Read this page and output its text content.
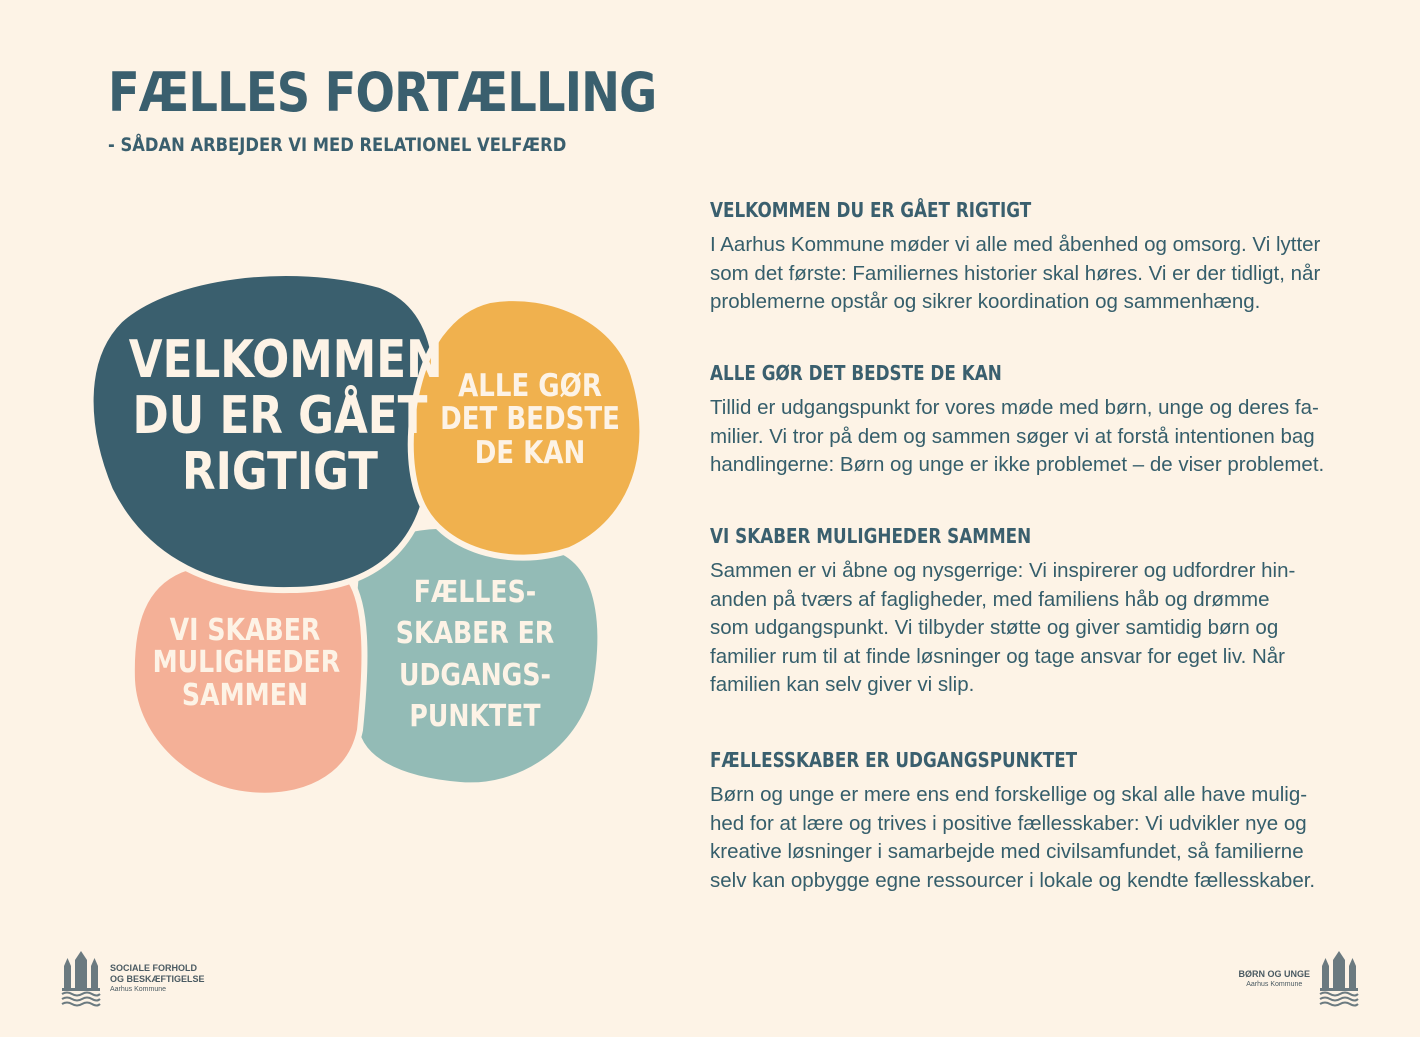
FÆLLES FORTÆLLING
- SÅDAN ARBEJDER VI MED RELATIONEL VELFÆRD
VELKOMMEN
DU ER GÅET
RIGTIGT
ALLE GØR
DET BEDSTE
DE KAN
VI SKABER
MULIGHEDER
SAMMEN
FÆLLES-
SKABER ER
UDGANGS-
PUNKTET
VELKOMMEN DU ER GÅET RIGTIGT
I Aarhus Kommune møder vi alle med åbenhed og omsorg. Vi lytter
som det første: Familiernes historier skal høres. Vi er der tidligt, når
problemerne opstår og sikrer koordination og sammenhæng.
ALLE GØR DET BEDSTE DE KAN
Tillid er udgangspunkt for vores møde med børn, unge og deres fa-
milier. Vi tror på dem og sammen søger vi at forstå intentionen bag
handlingerne: Børn og unge er ikke problemet – de viser problemet.
VI SKABER MULIGHEDER SAMMEN
Sammen er vi åbne og nysgerrige: Vi inspirerer og udfordrer hin-
anden på tværs af fagligheder, med familiens håb og drømme
som udgangspunkt. Vi tilbyder støtte og giver samtidig børn og
familier rum til at finde løsninger og tage ansvar for eget liv. Når
familien kan selv giver vi slip.
FÆLLESSKABER ER UDGANGSPUNKTET
Børn og unge er mere ens end forskellige og skal alle have mulig-
hed for at lære og trives i positive fællesskaber: Vi udvikler nye og
kreative løsninger i samarbejde med civilsamfundet, så familierne
selv kan opbygge egne ressourcer i lokale og kendte fællesskaber.
SOCIALE FORHOLD
OG BESKÆFTIGELSE
Aarhus Kommune
BØRN OG UNGE
Aarhus Kommune
